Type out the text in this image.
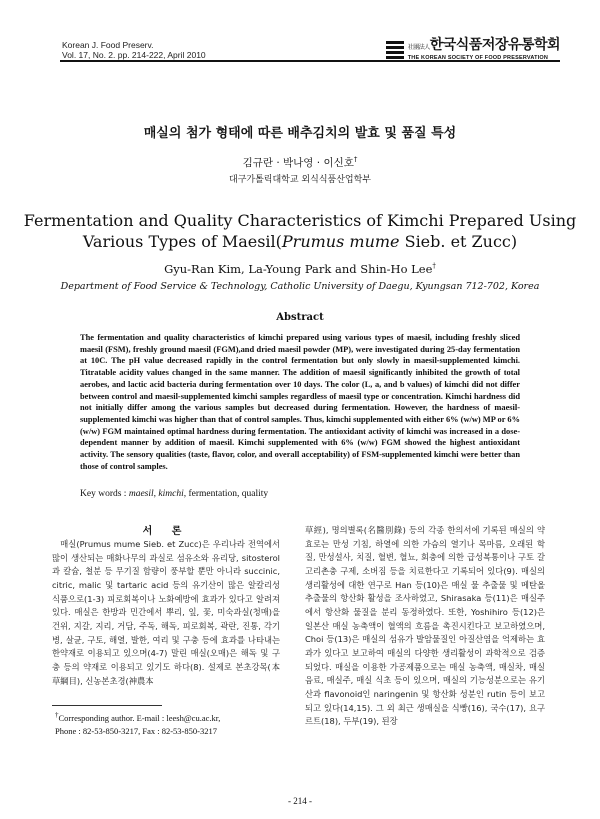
Korean J. Food Preserv.
Vol. 17, No. 2. pp. 214-222, April 2010
社團法人한국식품저장유통학회
THE KOREAN SOCIETY OF FOOD PRESERVATION
매실의 첨가 형태에 따른 배추김치의 발효 및 품질 특성
김규란 · 박나영 · 이신호†
대구가톨릭대학교 외식식품산업학부
Fermentation and Quality Characteristics of Kimchi Prepared Using
Various Types of Maesil(Prumus mume Sieb. et Zucc)
Gyu-Ran Kim, La-Young Park and Shin-Ho Lee†
Department of Food Service & Technology, Catholic University of Daegu, Kyungsan 712-702, Korea
Abstract
The fermentation and quality characteristics of kimchi prepared using various types of maesil, including freshly sliced maesil (FSM), freshly ground maesil (FGM),and dried maesil powder (MP), were investigated during 25-day fermentation at 10C. The pH value decreased rapidly in the control fermentation but only slowly in maesil-supplemented kimchi. Titratable acidity values changed in the same manner. The addition of maesil significantly inhibited the growth of total aerobes, and lactic acid bacteria during fermentation over 10 days. The color (L, a, and b values) of kimchi did not differ between control and maesil-supplemented kimchi samples regardless of maesil type or concentration. Kimchi hardness did not initially differ among the various samples but decreased during fermentation. However, the hardness of maesil-supplemented kimchi was higher than that of control samples. Thus, kimchi supplemented with either 6% (w/w) MP or 6% (w/w) FGM maintained optimal hardness during fermentation. The antioxidant activity of kimchi was increased in a dose-dependent manner by addition of maesil. Kimchi supplemented with 6% (w/w) FGM showed the highest antioxidant activity. The sensory qualities (taste, flavor, color, and overall acceptability) of FSM-supplemented kimchi were better than those of control samples.
Key words : maesil, kimchi, fermentation, quality
서 론

매실(Prumus mume Sieb. et Zucc)은 우리나라 전역에서 많이 생산되는 매화나무의 과실로 섬유소와 유리당, sitosterol과 칼슘, 철분 등 무기질 함량이 풍부할 뿐만 아니라 succinic, citric, malic 및 tartaric acid 등의 유기산이 많은 알칼리성 식품으로(1-3) 피로회복이나 노화예방에 효과가 있다고 알려져 있다. 매실은 한방과 민간에서 뿌리, 잎, 꽃, 미숙과실(청매)을 건위, 지갈, 지리, 거담, 주독, 해독, 피로회복, 곽란, 진통, 각기병, 살균, 구토, 해열, 발한, 여리 및 구충 등에 효과를 나타내는 한약재로 이용되고 있으며(4-7) 말린 매실(오매)은 해독 및 구충 등의 약재로 이용되고 있기도 하다(8). 설제로 본초강목(本草綱目), 신농본초경(神農本

草經), 명의별록(名醫別錄) 등의 각종 한의서에 기록된 매실의 약효로는 만성 기침, 하열에 의한 가슴의 열기나 목마름, 오래된 학질, 만성설사, 치질, 혈변, 혈뇨, 회충에 의한 급성복통이나 구토 갈고리촌충 구제, 소버짐 등을 치료한다고 기록되어 있다(9). 매실의 생리활성에 대한 연구로 Han 등(10)은 매실 물 추출물 및 메탄올 추출물의 항산화 활성을 조사하였고, Shirasaka 등(11)은 매실주에서 항산화 물질을 분리 동정하였다. 또한, Yoshihiro 등(12)은 일본산 매실 농축액이 혈액의 흐름을 촉진시킨다고 보고하였으며, Choi 등(13)은 매실의 섬유가 발암물질인 아질산염을 억제하는 효과가 있다고 보고하여 매실의 다양한 생리활성이 과학적으로 검증되었다. 매실을 이용한 가공제품으로는 매실 농축액, 매실차, 매실음료, 매실주, 매실 식초 등이 있으며, 매실의 기능성분으로는 유기산과 flavonoid인 naringenin 및 항산화 성분인 rutin 등이 보고되고 있다(14,15). 그 외 최근 생매실을 식빵(16), 국수(17), 요구르트(18), 두부(19), 된장

†Corresponding author. E-mail : leesh@cu.ac.kr,
Phone : 82-53-850-3217, Fax : 82-53-850-3217
- 214 -
